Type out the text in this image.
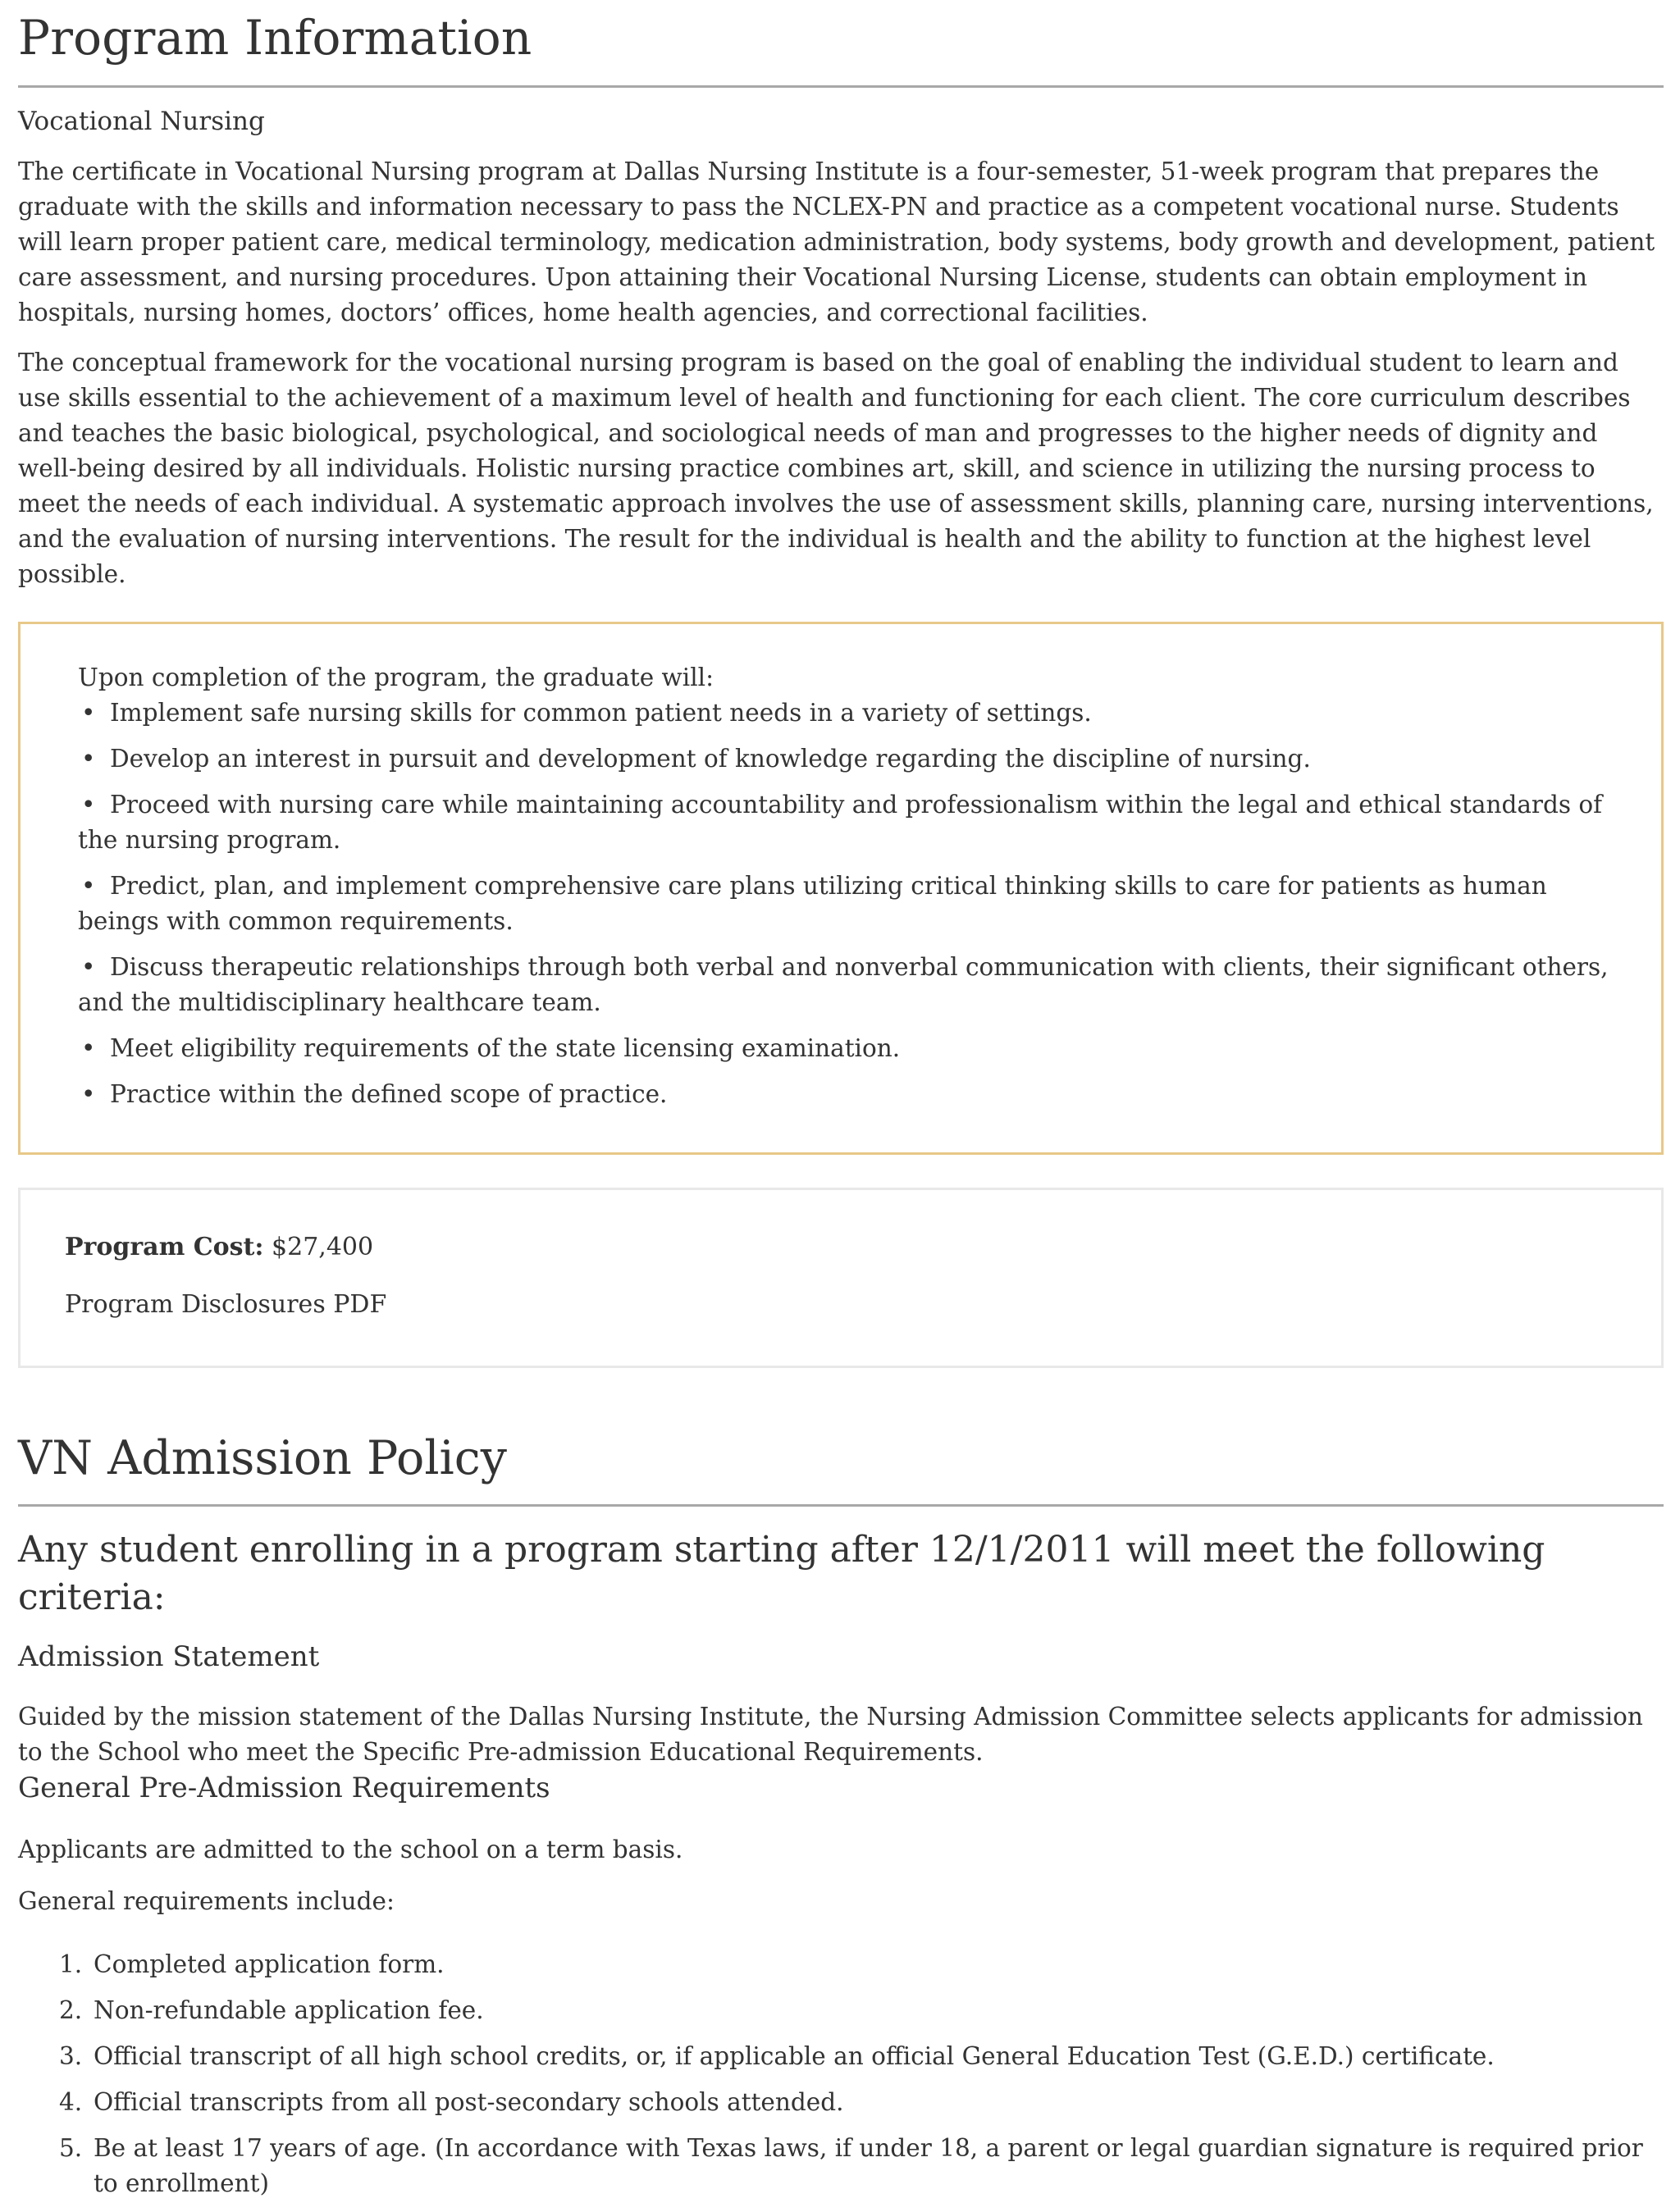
Program Information
Vocational Nursing

The certificate in Vocational Nursing program at Dallas Nursing Institute is a four-semester, 51-week program that prepares the graduate with the skills and information necessary to pass the NCLEX-PN and practice as a competent vocational nurse. Students will learn proper patient care, medical terminology, medication administration, body systems, body growth and development, patient care assessment, and nursing procedures. Upon attaining their Vocational Nursing License, students can obtain employment in hospitals, nursing homes, doctors’ offices, home health agencies, and correctional facilities.

The conceptual framework for the vocational nursing program is based on the goal of enabling the individual student to learn and use skills essential to the achievement of a maximum level of health and functioning for each client. The core curriculum describes and teaches the basic biological, psychological, and sociological needs of man and progresses to the higher needs of dignity and well-being desired by all individuals. Holistic nursing practice combines art, skill, and science in utilizing the nursing process to meet the needs of each individual. A systematic approach involves the use of assessment skills, planning care, nursing interventions, and the evaluation of nursing interventions. The result for the individual is health and the ability to function at the highest level possible.

Upon completion of the program, the graduate will:

• Implement safe nursing skills for common patient needs in a variety of settings.
• Develop an interest in pursuit and development of knowledge regarding the discipline of nursing.
• Proceed with nursing care while maintaining accountability and professionalism within the legal and ethical standards of the nursing program.
• Predict, plan, and implement comprehensive care plans utilizing critical thinking skills to care for patients as human beings with common requirements.
• Discuss therapeutic relationships through both verbal and nonverbal communication with clients, their significant others, and the multidisciplinary healthcare team.
• Meet eligibility requirements of the state licensing examination.
• Practice within the defined scope of practice.
Program Cost: $27,400
Program Disclosures PDF
VN Admission Policy
Any student enrolling in a program starting after 12/1/2011 will meet the following criteria:
Admission Statement

Guided by the mission statement of the Dallas Nursing Institute, the Nursing Admission Committee selects applicants for admission to the School who meet the Specific Pre-admission Educational Requirements.

General Pre-Admission Requirements

Applicants are admitted to the school on a term basis.

General requirements include:

1. Completed application form.
2. Non-refundable application fee.
3. Official transcript of all high school credits, or, if applicable an official General Education Test (G.E.D.) certificate.
4. Official transcripts from all post-secondary schools attended.
5. Be at least 17 years of age. (In accordance with Texas laws, if under 18, a parent or legal guardian signature is required prior to enrollment)
